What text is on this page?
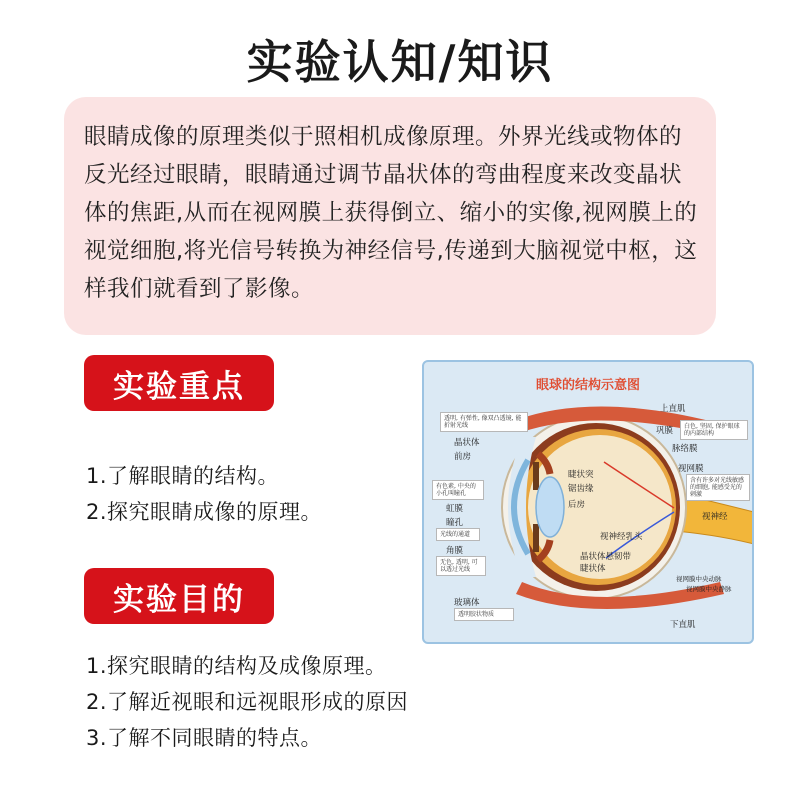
实验认知/知识
眼睛成像的原理类似于照相机成像原理。外界光线或物体的反光经过眼睛，眼睛通过调节晶状体的弯曲程度来改变晶状体的焦距,从而在视网膜上获得倒立、缩小的实像,视网膜上的视觉细胞,将光信号转换为神经信号,传递到大脑视觉中枢，这样我们就看到了影像。
实验重点
1.了解眼睛的结构。
2.探究眼睛成像的原理。
实验目的
1.探究眼睛的结构及成像原理。
2.了解近视眼和远视眼形成的原因
3.了解不同眼睛的特点。
眼球的结构示意图
上直肌
巩膜
脉络膜
视网膜
视神经
晶状体
前房
虹膜
瞳孔
角膜
玻璃体
睫状突
锯齿缘
后房
视神经乳头
晶状体悬韧带
睫状体
视网膜中央动脉
视网膜中央静脉
下直肌
透明, 有弹性, 像双凸透镜, 能折射光线	白色, 坚固, 保护眼球的内部结构
含有许多对光线敏感的细胞, 能感受光的刺激
有色素, 中央的小孔叫瞳孔
光线的通道
无色, 透明, 可以透过光线
透明胶状物质
